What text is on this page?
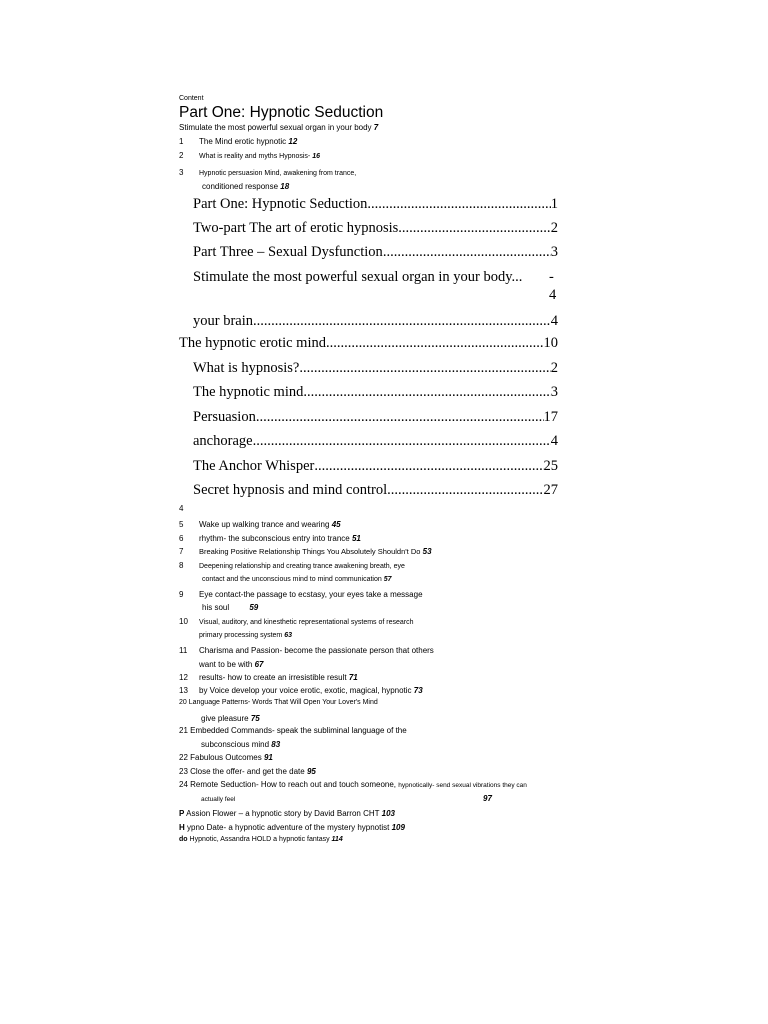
Content
Part One: Hypnotic Seduction
Stimulate the most powerful sexual organ in your body 7
1 The Mind erotic hypnotic 12
2 What is reality and myths Hypnosis- 16
3 Hypnotic persuasion Mind, awakening from trance,
conditioned response 18
Part One: Hypnotic Seduction .....	1
Two-part The art of erotic hypnosis .....	2
Part Three – Sexual Dysfunction .....	3
Stimulate the most powerful sexual organ in your body... -
4
your brain .....	4
The hypnotic erotic mind .....	10
What is hypnosis? .....	2
The hypnotic mind .....	3
Persuasion .....	17
anchorage .....	4
The Anchor Whisper .....	25
Secret hypnosis and mind control .....	27
4
5 Wake up walking trance and wearing 45
6 rhythm- the subconscious entry into trance 51
7 Breaking Positive Relationship Things You Absolutely Shouldn't Do 53
8 Deepening relationship and creating trance awakening breath, eye
contact and the unconscious mind to mind communication 57
9 Eye contact-the passage to ecstasy, your eyes take a message
his soul	59
10 Visual, auditory, and kinesthetic representational systems of research
primary processing system 63
11 Charisma and Passion- become the passionate person that others
want to be with 67
12 results- how to create an irresistible result 71
13 by Voice develop your voice erotic, exotic, magical, hypnotic 73
20 Language Patterns- Words That Will Open Your Lover's Mind
give pleasure 75
21 Embedded Commands- speak the subliminal language of the
subconscious mind 83
22 Fabulous Outcomes 91
23 Close the offer- and get the date 95
24 Remote Seduction- How to reach out and touch someone, hypnotically- send sexual vibrations they can
actually feel	97
P Assion Flower – a hypnotic story by David Barron CHT 103
H ypno Date- a hypnotic adventure of the mystery hypnotist 109
do Hypnotic, Assandra HOLD a hypnotic fantasy 114
